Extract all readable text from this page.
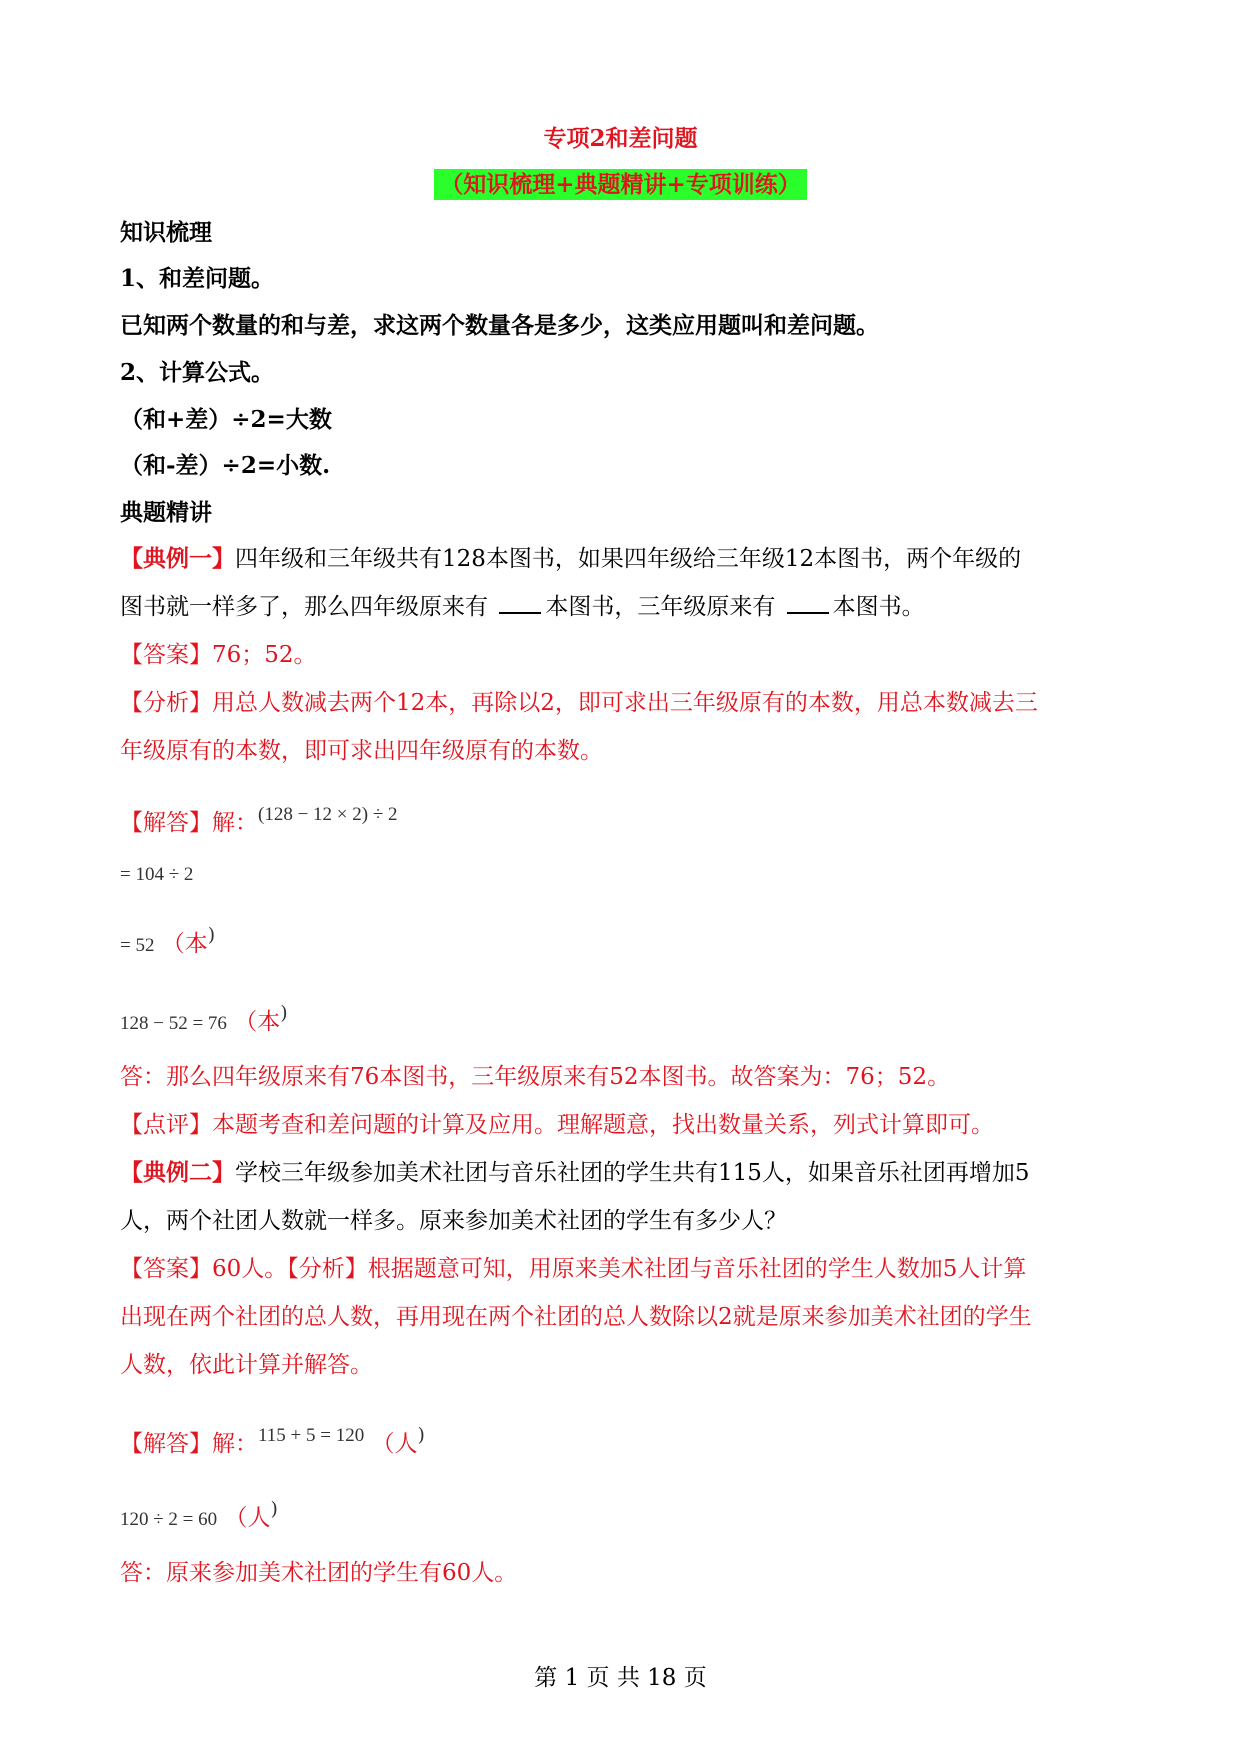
专项2和差问题
（知识梳理+典题精讲+专项训练）
知识梳理
1、和差问题。
已知两个数量的和与差，求这两个数量各是多少，这类应用题叫和差问题。
2、计算公式。
（和+差）÷2=大数
（和-差）÷2=小数.
典题精讲
【典例一】四年级和三年级共有128本图书，如果四年级给三年级12本图书，两个年级的
图书就一样多了，那么四年级原来有 本图书，三年级原来有 本图书。
【答案】76；52。
【分析】用总人数减去两个12本，再除以2，即可求出三年级原有的本数，用总本数减去三
年级原有的本数，即可求出四年级原有的本数。
【解答】解：$^{(128 - 12 \times 2) \div 2}$
= 104 ÷ 2
= 52 （本)
128 − 52 = 76 （本)
答：那么四年级原来有76本图书，三年级原来有52本图书。故答案为：76；52。
【点评】本题考查和差问题的计算及应用。理解题意，找出数量关系，列式计算即可。
【典例二】学校三年级参加美术社团与音乐社团的学生共有115人，如果音乐社团再增加5
人，两个社团人数就一样多。原来参加美术社团的学生有多少人？
【答案】60人。【分析】根据题意可知，用原来美术社团与音乐社团的学生人数加5人计算
出现在两个社团的总人数，再用现在两个社团的总人数除以2就是原来参加美术社团的学生
人数，依此计算并解答。
【解答】解：$^{115 + 5 = 120}$ （人)
120 ÷ 2 = 60 （人)
答：原来参加美术社团的学生有60人。
第 1 页 共 18 页
